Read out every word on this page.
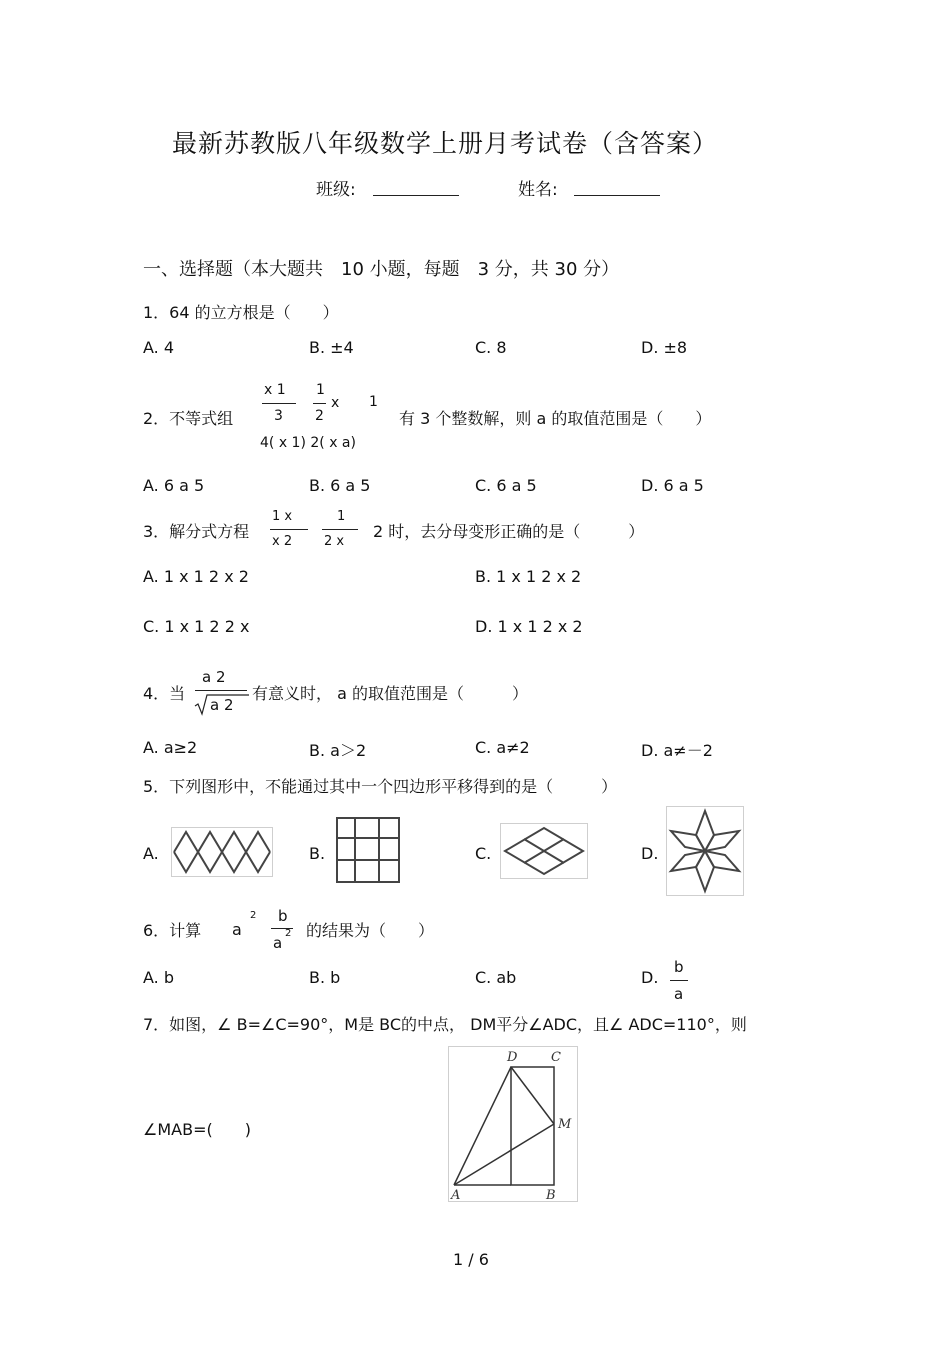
最新苏教版八年级数学上册月考试卷（含答案）
班级:	姓名:
一、选择题（本大题共　10 小题，每题　3 分，共 30 分）
1．64 的立方根是（　　）
A. 4	B. ±4	C. 8	D. ±8
2．不等式组
x 1
3
1
2
x 1
4( x 1) 2( x a)
有 3 个整数解，则 a 的取值范围是（　　）
A. 6 a 5	B. 6 a 5	C. 6 a 5	D. 6 a 5
3．解分式方程
1 x
x 2
1
2 x
2 时，去分母变形正确的是（　　　）
A. 1 x 1 2 x 2	B. 1 x 1 2 x 2
C. 1 x 1 2 2 x	D. 1 x 1 2 x 2
4．当
a 2
a 2
有意义时， a 的取值范围是（　　　）
A. a≥2	B. a＞2	C. a≠2	D. a≠－2
5．下列图形中，不能通过其中一个四边形平移得到的是（　　　）
A.	B.	C.	D.
6．计算 a
2 b
a
2 的结果为（　　）
A. b	B. b	C. ab	D.
b
a
7．如图，∠ B=∠C=90°，M是 BC的中点， DM平分∠ADC，且∠ ADC=110°，则
∠MAB=(　　)
D	C
M
A	B
1 / 6
